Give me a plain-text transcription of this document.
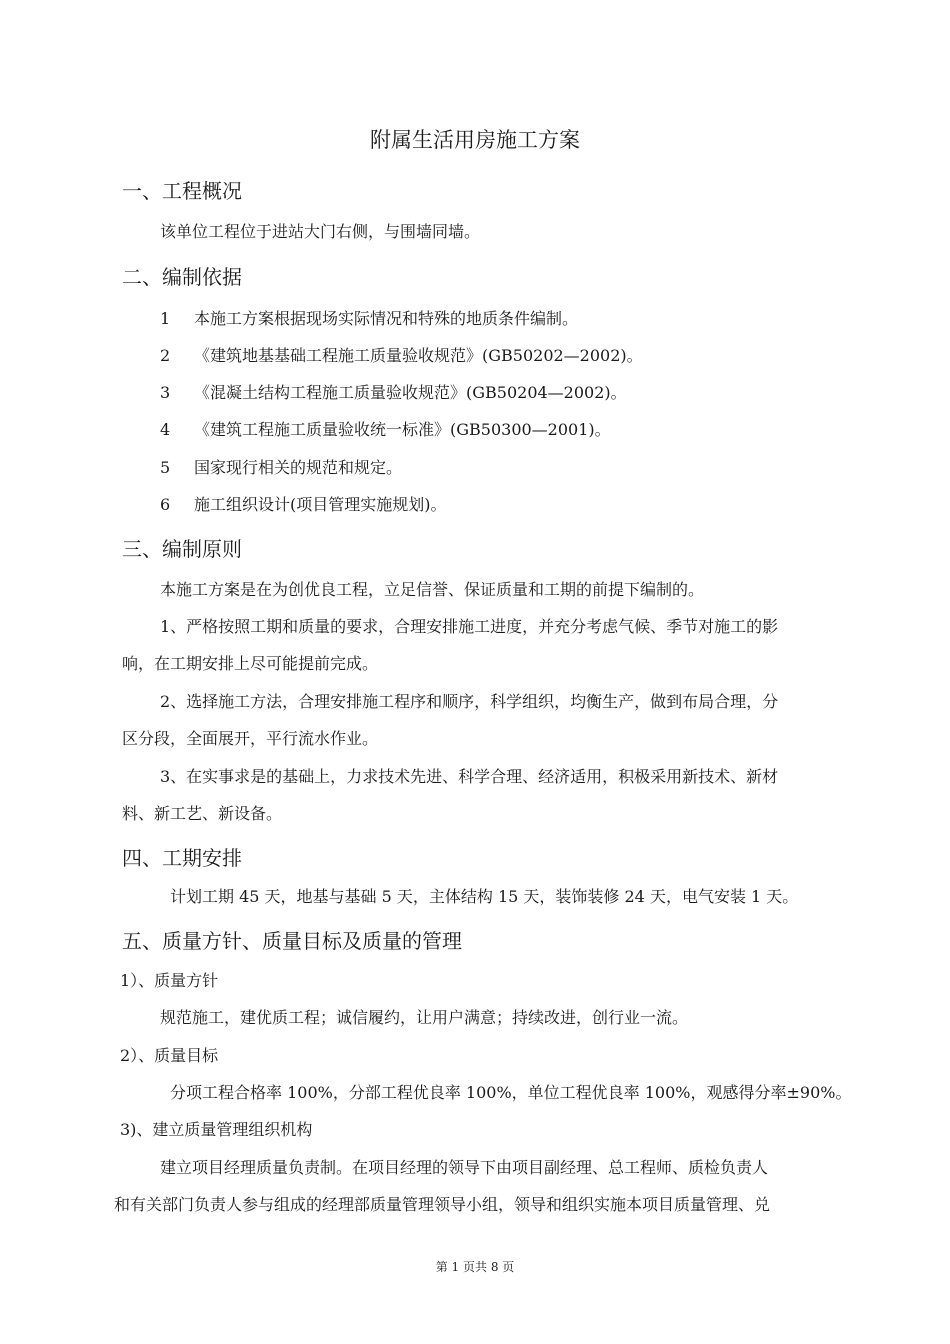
附属生活用房施工方案
一、工程概况
该单位工程位于进站大门右侧，与围墙同墙。
二、编制依据
1 本施工方案根据现场实际情况和特殊的地质条件编制。
2 《建筑地基基础工程施工质量验收规范》(GB50202—2002)。
3 《混凝土结构工程施工质量验收规范》(GB50204—2002)。
4 《建筑工程施工质量验收统一标准》(GB50300—2001)。
5 国家现行相关的规范和规定。
6 施工组织设计(项目管理实施规划)。
三、编制原则
本施工方案是在为创优良工程，立足信誉、保证质量和工期的前提下编制的。
1、严格按照工期和质量的要求，合理安排施工进度，并充分考虑气候、季节对施工的影
响，在工期安排上尽可能提前完成。
2、选择施工方法，合理安排施工程序和顺序，科学组织，均衡生产，做到布局合理，分
区分段，全面展开，平行流水作业。
3、在实事求是的基础上，力求技术先进、科学合理、经济适用，积极采用新技术、新材
料、新工艺、新设备。
四、工期安排
计划工期 45 天，地基与基础 5 天，主体结构 15 天，装饰装修 24 天，电气安装 1 天。
五、质量方针、质量目标及质量的管理
1）、质量方针
规范施工，建优质工程；诚信履约，让用户满意；持续改进，创行业一流。
2）、质量目标
分项工程合格率 100%，分部工程优良率 100%，单位工程优良率 100%，观感得分率±90%。
3)、建立质量管理组织机构
建立项目经理质量负责制。在项目经理的领导下由项目副经理、总工程师、质检负责人
和有关部门负责人参与组成的经理部质量管理领导小组，领导和组织实施本项目质量管理、兑
第 1 页共 8 页
